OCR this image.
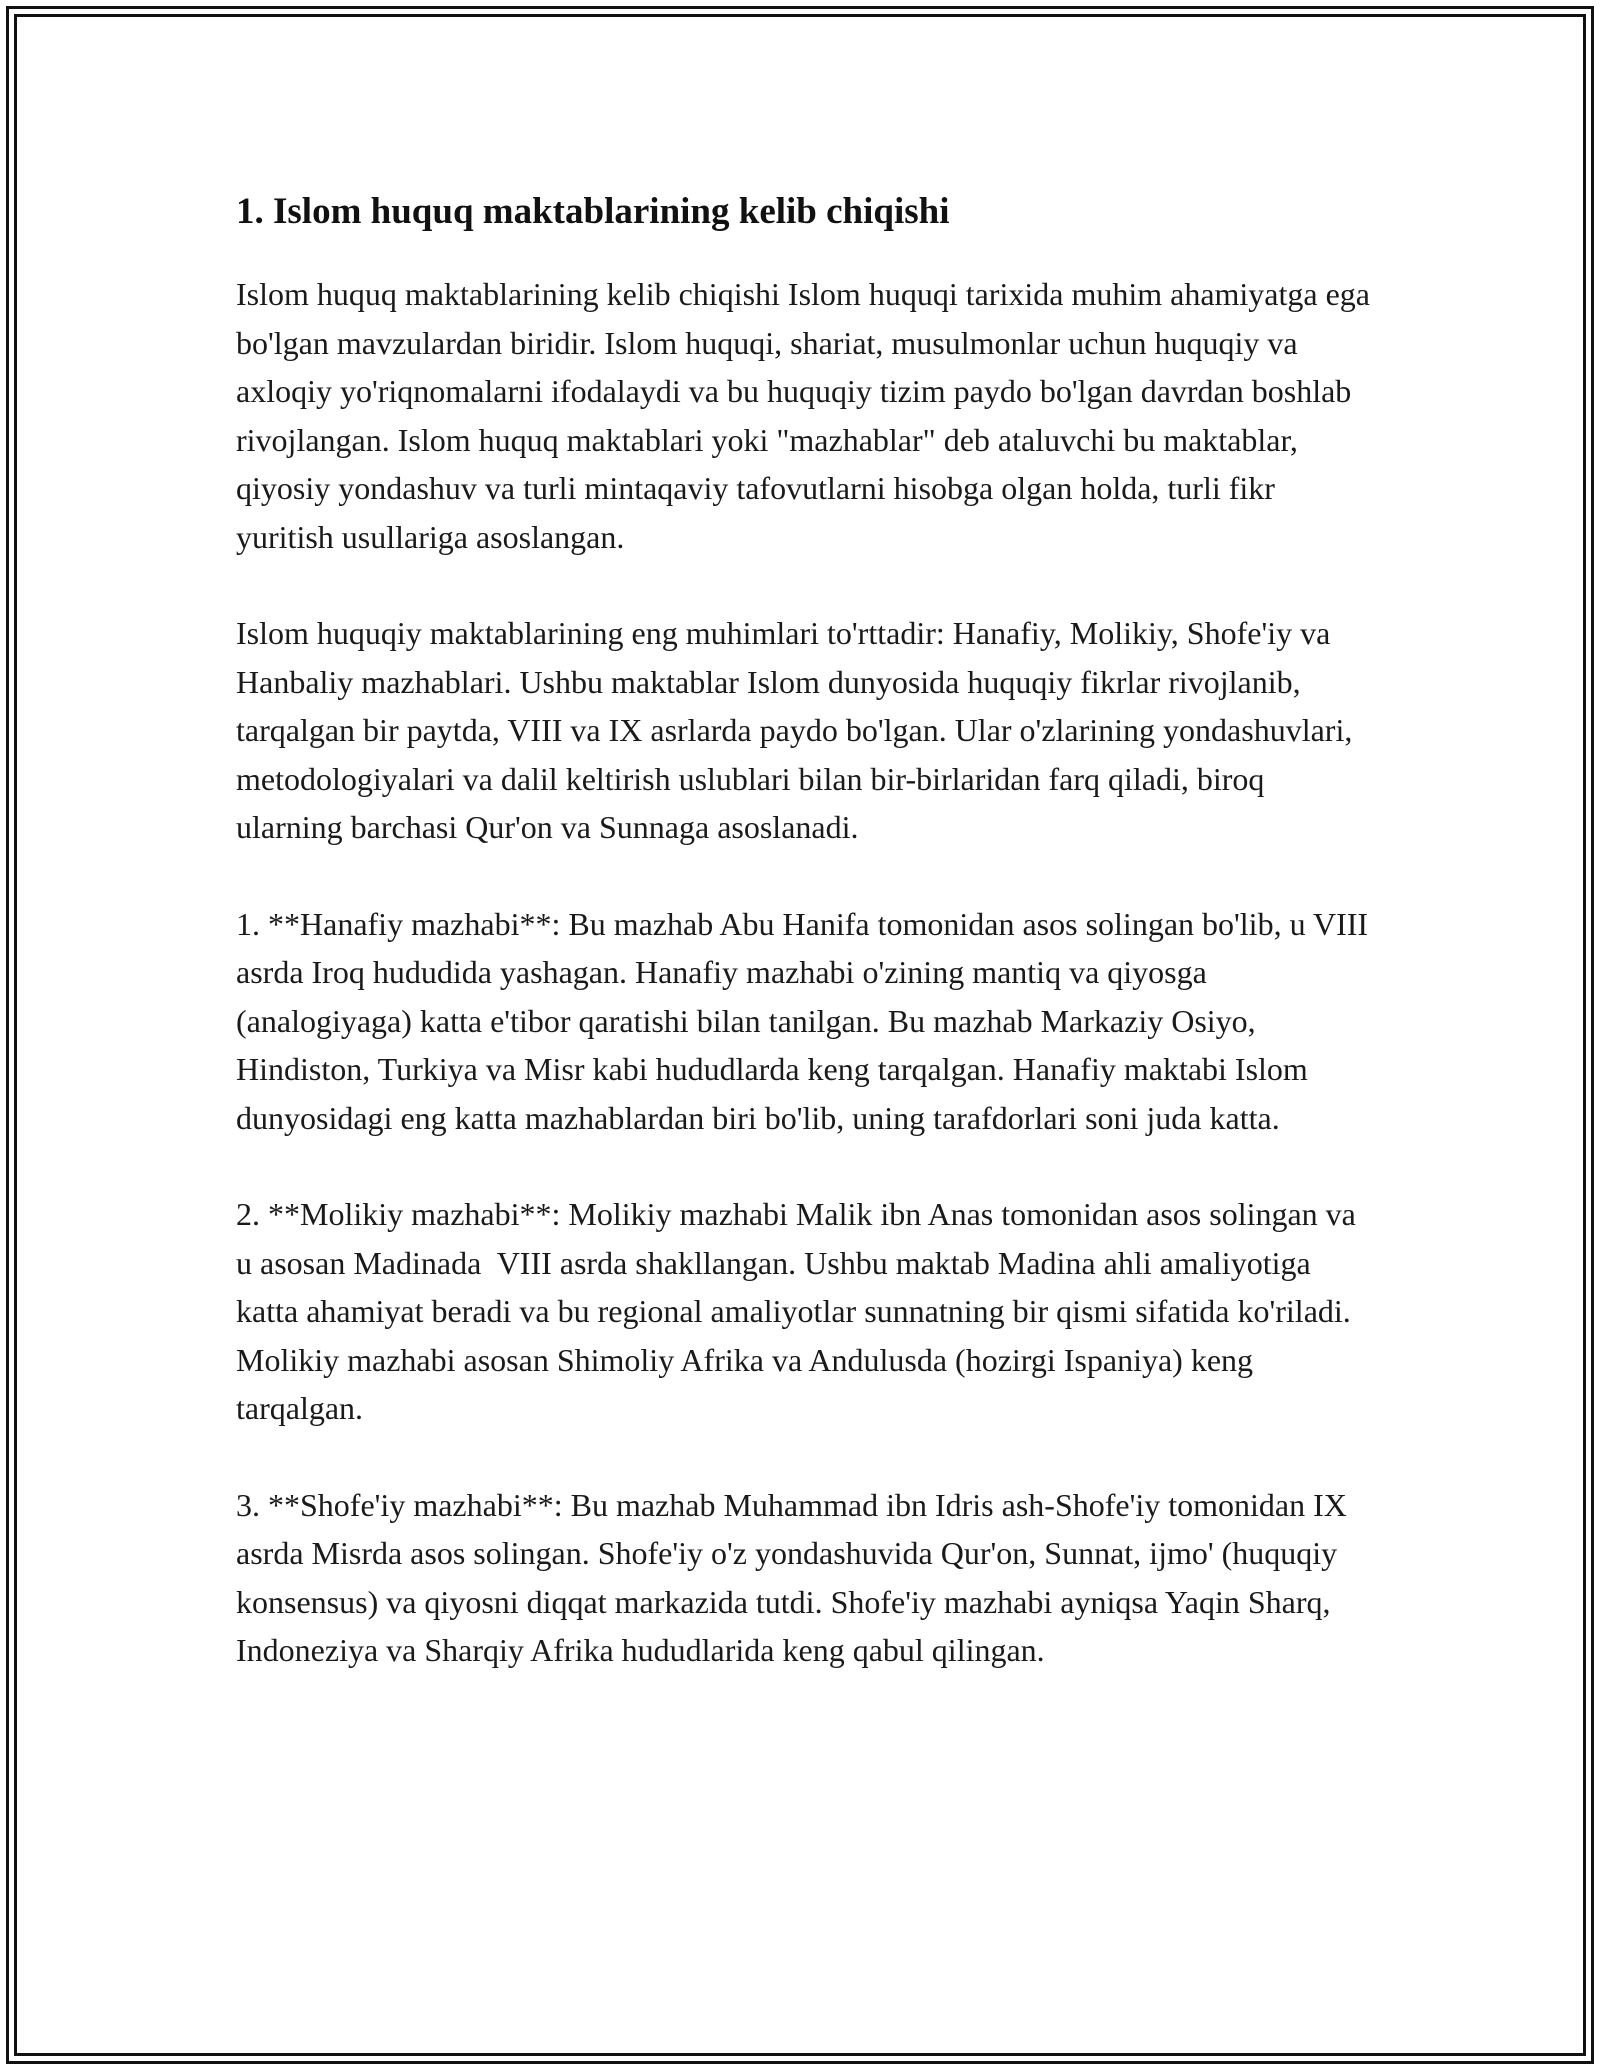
1. Islom huquq maktablarining kelib chiqishi

Islom huquq maktablarining kelib chiqishi Islom huquqi tarixida muhim ahamiyatga ega bo'lgan mavzulardan biridir. Islom huquqi, shariat, musulmonlar uchun huquqiy va axloqiy yo'riqnomalarni ifodalaydi va bu huquqiy tizim paydo bo'lgan davrdan boshlab rivojlangan. Islom huquq maktablari yoki "mazhablar" deb ataluvchi bu maktablar, qiyosiy yondashuv va turli mintaqaviy tafovutlarni hisobga olgan holda, turli fikr yuritish usullariga asoslangan.

Islom huquqiy maktablarining eng muhimlari to'rttadir: Hanafiy, Molikiy, Shofe'iy va Hanbaliy mazhablari. Ushbu maktablar Islom dunyosida huquqiy fikrlar rivojlanib, tarqalgan bir paytda, VIII va IX asrlarda paydo bo'lgan. Ular o'zlarining yondashuvlari, metodologiyalari va dalil keltirish uslublari bilan bir-birlaridan farq qiladi, biroq ularning barchasi Qur'on va Sunnaga asoslanadi.

1. **Hanafiy mazhabi**: Bu mazhab Abu Hanifa tomonidan asos solingan bo'lib, u VIII asrda Iroq hududida yashagan. Hanafiy mazhabi o'zining mantiq va qiyosga (analogiyaga) katta e'tibor qaratishi bilan tanilgan. Bu mazhab Markaziy Osiyo, Hindiston, Turkiya va Misr kabi hududlarda keng tarqalgan. Hanafiy maktabi Islom dunyosidagi eng katta mazhablardan biri bo'lib, uning tarafdorlari soni juda katta.

2. **Molikiy mazhabi**: Molikiy mazhabi Malik ibn Anas tomonidan asos solingan va u asosan Madinada  VIII asrda shakllangan. Ushbu maktab Madina ahli amaliyotiga katta ahamiyat beradi va bu regional amaliyotlar sunnatning bir qismi sifatida ko'riladi. Molikiy mazhabi asosan Shimoliy Afrika va Andulusda (hozirgi Ispaniya) keng tarqalgan.

3. **Shofe'iy mazhabi**: Bu mazhab Muhammad ibn Idris ash-Shofe'iy tomonidan IX asrda Misrda asos solingan. Shofe'iy o'z yondashuvida Qur'on, Sunnat, ijmo' (huquqiy konsensus) va qiyosni diqqat markazida tutdi. Shofe'iy mazhabi ayniqsa Yaqin Sharq, Indoneziya va Sharqiy Afrika hududlarida keng qabul qilingan.
